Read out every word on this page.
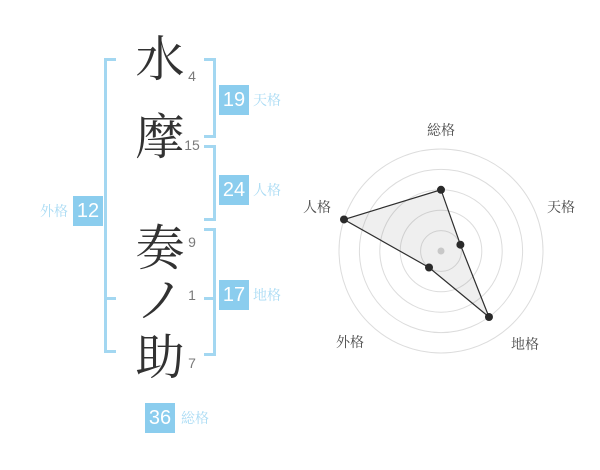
水
摩
奏
ノ
助
4
15
9
1
7
19 天格
24 人格
17 地格
外格 12
36 総格
総格
天格
地格
外格
人格
